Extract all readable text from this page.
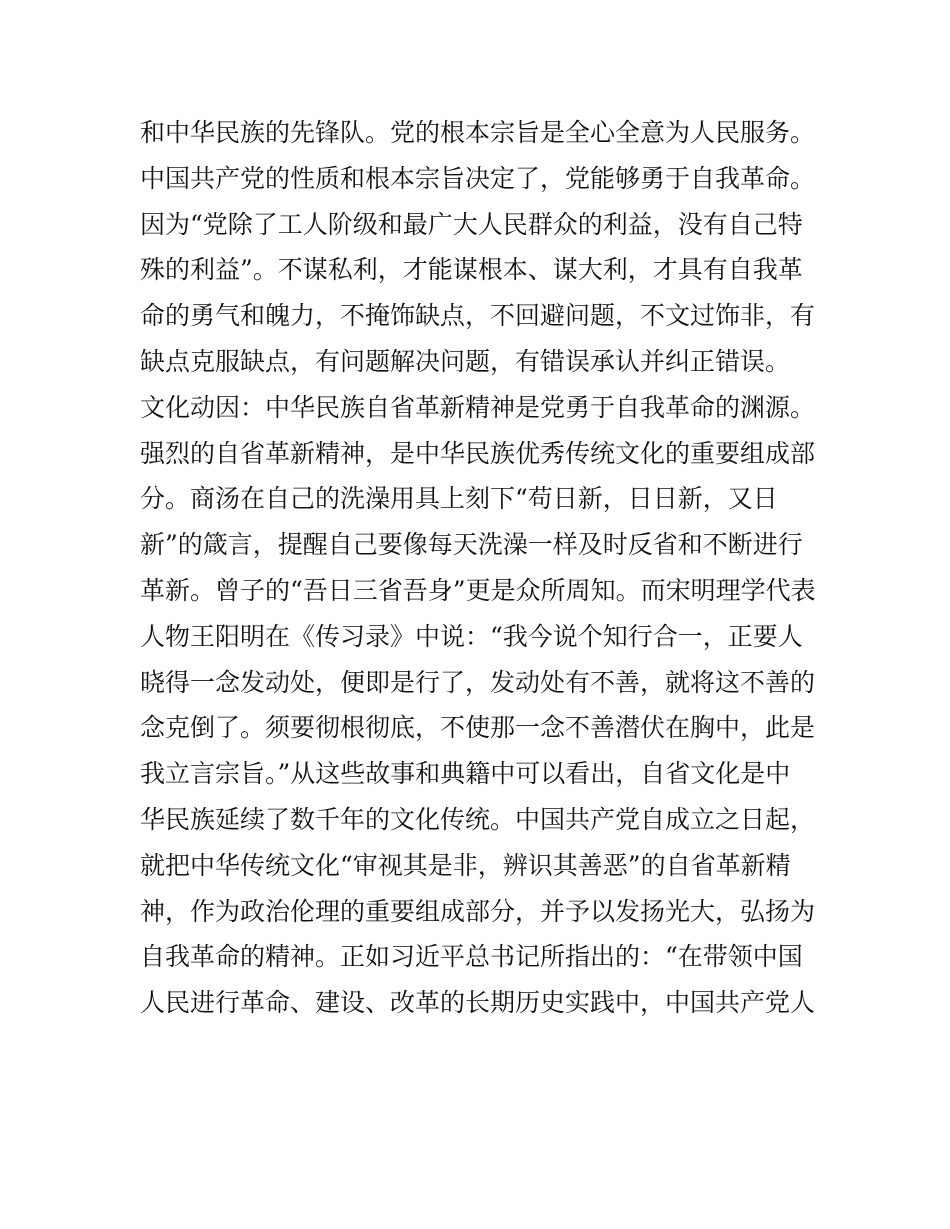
和中华民族的先锋队。党的根本宗旨是全心全意为人民服务。
中国共产党的性质和根本宗旨决定了，党能够勇于自我革命。
因为“党除了工人阶级和最广大人民群众的利益，没有自己特
殊的利益”。不谋私利，才能谋根本、谋大利，才具有自我革
命的勇气和魄力，不掩饰缺点，不回避问题，不文过饰非，有
缺点克服缺点，有问题解决问题，有错误承认并纠正错误。
文化动因：中华民族自省革新精神是党勇于自我革命的渊源。
强烈的自省革新精神，是中华民族优秀传统文化的重要组成部
分。商汤在自己的洗澡用具上刻下“苟日新，日日新，又日
新”的箴言，提醒自己要像每天洗澡一样及时反省和不断进行
革新。曾子的“吾日三省吾身”更是众所周知。而宋明理学代表
人物王阳明在《传习录》中说：“我今说个知行合一，正要人
晓得一念发动处，便即是行了，发动处有不善，就将这不善的
念克倒了。须要彻根彻底，不使那一念不善潜伏在胸中，此是
我立言宗旨。”从这些故事和典籍中可以看出，自省文化是中
华民族延续了数千年的文化传统。中国共产党自成立之日起，
就把中华传统文化“审视其是非，辨识其善恶”的自省革新精
神，作为政治伦理的重要组成部分，并予以发扬光大，弘扬为
自我革命的精神。正如习近平总书记所指出的：“在带领中国
人民进行革命、建设、改革的长期历史实践中，中国共产党人
